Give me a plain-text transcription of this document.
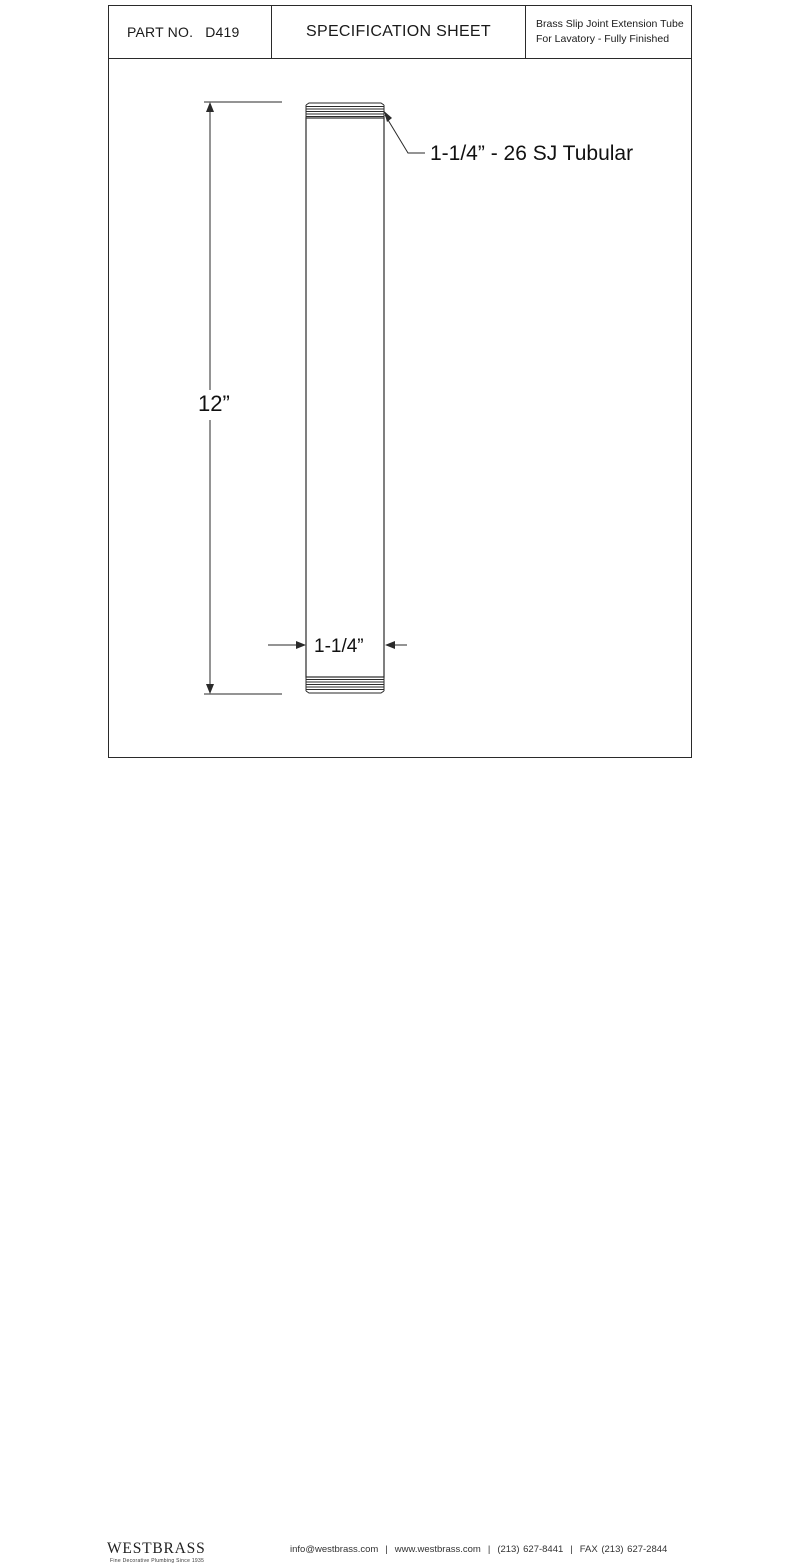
PART NO. D419	SPECIFICATION SHEET	Brass Slip Joint Extension Tube
For Lavatory - Fully Finished
12”
1-1/4”
1-1/4” - 26 SJ Tubular
WESTBRASS
Fine Decorative Plumbing Since 1935
info@westbrass.com | www.westbrass.com | (213) 627-8441 | FAX (213) 627-2844
